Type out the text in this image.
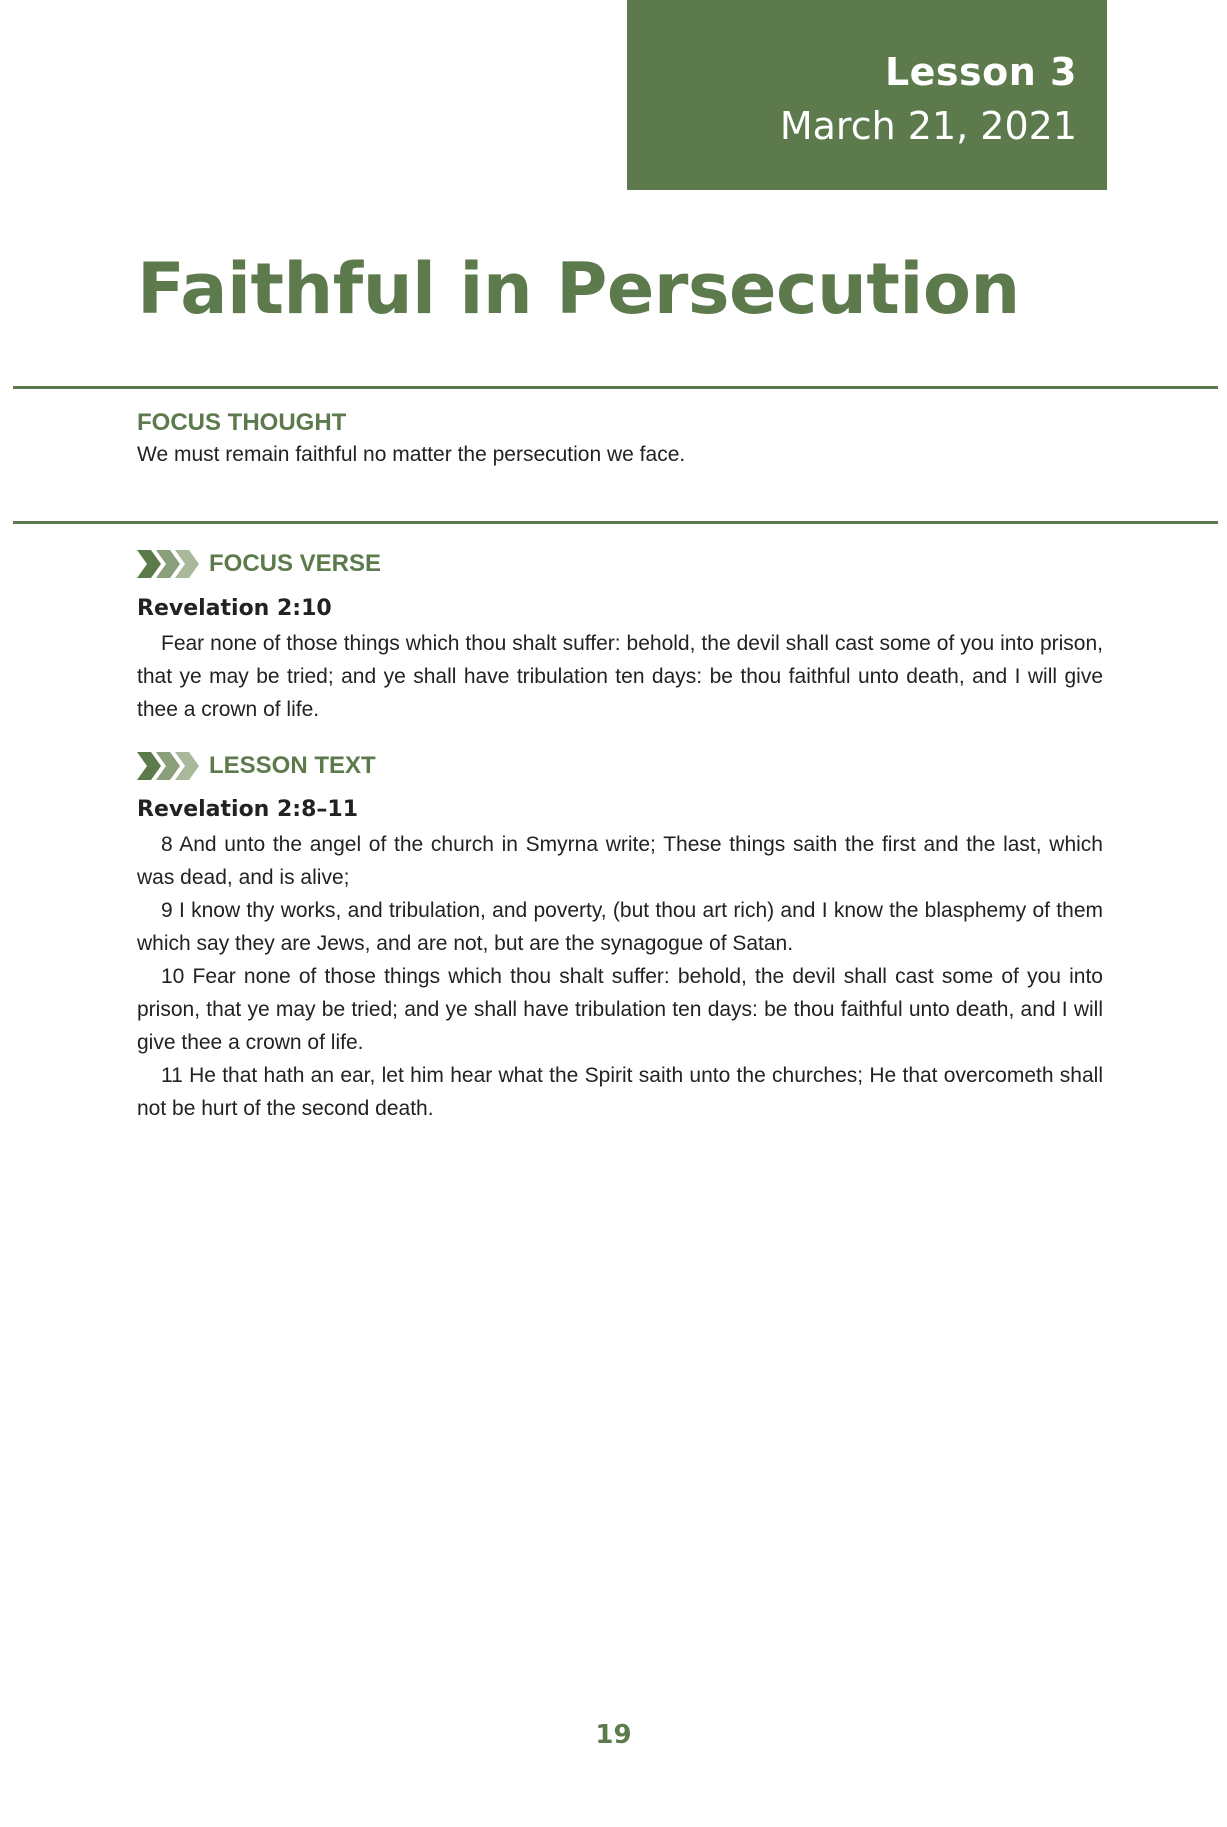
Lesson 3
March 21, 2021
Faithful in Persecution
FOCUS THOUGHT
We must remain faithful no matter the persecution we face.
FOCUS VERSE
Revelation 2:10

Fear none of those things which thou shalt suffer: behold, the devil shall cast some of you into prison, that ye may be tried; and ye shall have tribulation ten days: be thou faithful unto death, and I will give thee a crown of life.

LESSON TEXT
Revelation 2:8–11

8 And unto the angel of the church in Smyrna write; These things saith the first and the last, which was dead, and is alive;

9 I know thy works, and tribulation, and poverty, (but thou art rich) and I know the blasphemy of them which say they are Jews, and are not, but are the synagogue of Satan.

10 Fear none of those things which thou shalt suffer: behold, the devil shall cast some of you into prison, that ye may be tried; and ye shall have tribulation ten days: be thou faithful unto death, and I will give thee a crown of life.

11 He that hath an ear, let him hear what the Spirit saith unto the churches; He that overcometh shall not be hurt of the second death.

19
